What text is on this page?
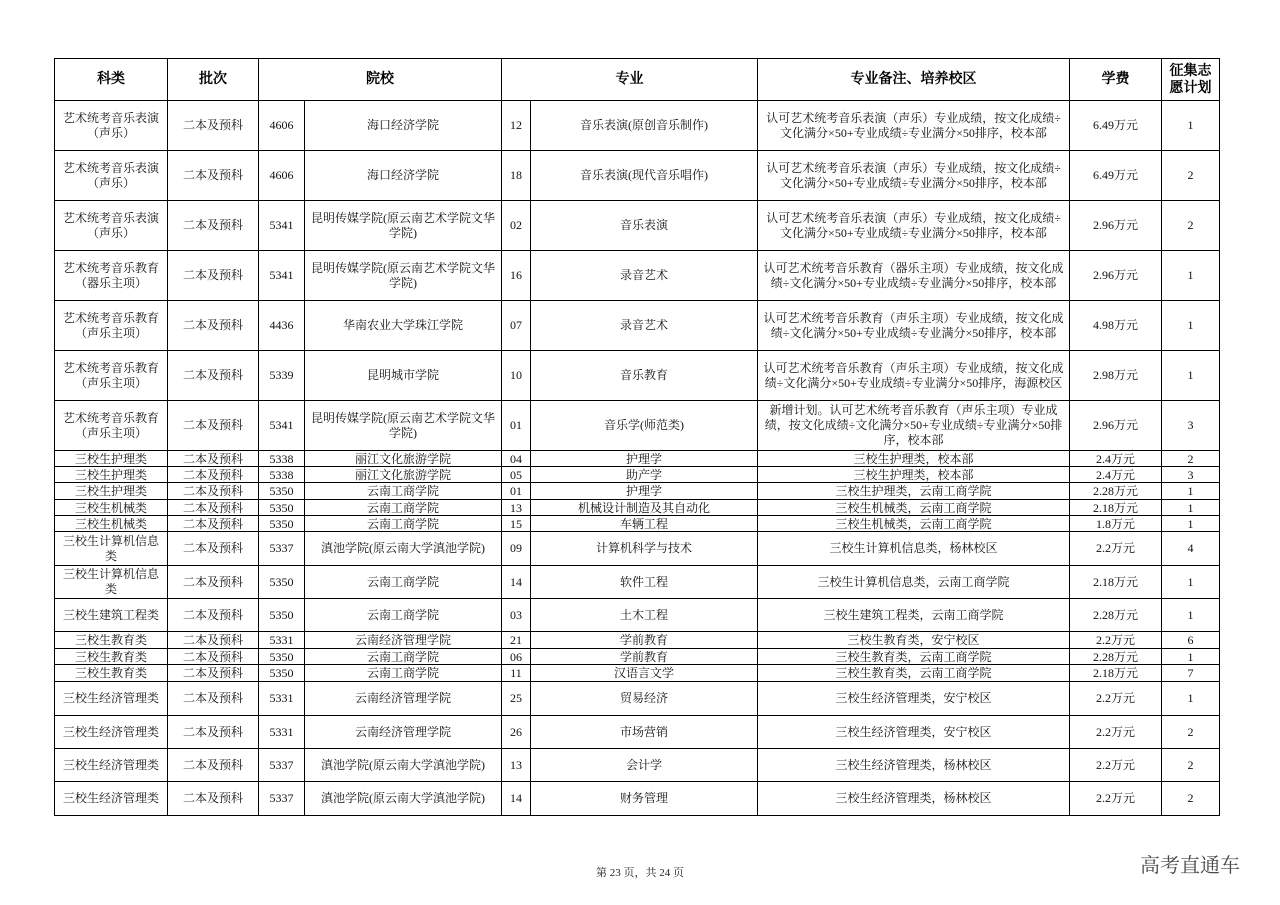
科类	批次	院校		专业		专业备注、培养校区	学费	征集志愿计划

艺术统考音乐表演（声乐）	二本及预科	4606	海口经济学院	12	音乐表演(原创音乐制作)	认可艺术统考音乐表演（声乐）专业成绩，按文化成绩÷文化满分×50+专业成绩÷专业满分×50排序，校本部	6.49万元	1

艺术统考音乐表演（声乐）	二本及预科	4606	海口经济学院	18	音乐表演(现代音乐唱作)	认可艺术统考音乐表演（声乐）专业成绩，按文化成绩÷文化满分×50+专业成绩÷专业满分×50排序，校本部	6.49万元	2

艺术统考音乐表演（声乐）	二本及预科	5341	昆明传媒学院(原云南艺术学院文华学院)	02	音乐表演	认可艺术统考音乐表演（声乐）专业成绩，按文化成绩÷文化满分×50+专业成绩÷专业满分×50排序，校本部	2.96万元	2

艺术统考音乐教育（器乐主项）	二本及预科	5341	昆明传媒学院(原云南艺术学院文华学院)	16	录音艺术	认可艺术统考音乐教育（器乐主项）专业成绩，按文化成绩÷文化满分×50+专业成绩÷专业满分×50排序，校本部	2.96万元	1

艺术统考音乐教育（声乐主项）	二本及预科	4436	华南农业大学珠江学院	07	录音艺术	认可艺术统考音乐教育（声乐主项）专业成绩，按文化成绩÷文化满分×50+专业成绩÷专业满分×50排序，校本部	4.98万元	1

艺术统考音乐教育（声乐主项）	二本及预科	5339	昆明城市学院	10	音乐教育	认可艺术统考音乐教育（声乐主项）专业成绩，按文化成绩÷文化满分×50+专业成绩÷专业满分×50排序，海源校区	2.98万元	1

艺术统考音乐教育（声乐主项）	二本及预科	5341	昆明传媒学院(原云南艺术学院文华学院)	01	音乐学(师范类)	新增计划。认可艺术统考音乐教育（声乐主项）专业成绩，按文化成绩÷文化满分×50+专业成绩÷专业满分×50排序，校本部	2.96万元	3

三校生护理类	二本及预科	5338	丽江文化旅游学院	04	护理学	三校生护理类，校本部	2.4万元	2

三校生护理类	二本及预科	5338	丽江文化旅游学院	05	助产学	三校生护理类，校本部	2.4万元	3

三校生护理类	二本及预科	5350	云南工商学院	01	护理学	三校生护理类，云南工商学院	2.28万元	1

三校生机械类	二本及预科	5350	云南工商学院	13	机械设计制造及其自动化	三校生机械类，云南工商学院	2.18万元	1

三校生机械类	二本及预科	5350	云南工商学院	15	车辆工程	三校生机械类，云南工商学院	1.8万元	1

三校生计算机信息类	二本及预科	5337	滇池学院(原云南大学滇池学院)	09	计算机科学与技术	三校生计算机信息类，杨林校区	2.2万元	4

三校生计算机信息类	二本及预科	5350	云南工商学院	14	软件工程	三校生计算机信息类，云南工商学院	2.18万元	1

三校生建筑工程类	二本及预科	5350	云南工商学院	03	土木工程	三校生建筑工程类，云南工商学院	2.28万元	1

三校生教育类	二本及预科	5331	云南经济管理学院	21	学前教育	三校生教育类，安宁校区	2.2万元	6

三校生教育类	二本及预科	5350	云南工商学院	06	学前教育	三校生教育类，云南工商学院	2.28万元	1

三校生教育类	二本及预科	5350	云南工商学院	11	汉语言文学	三校生教育类，云南工商学院	2.18万元	7

三校生经济管理类	二本及预科	5331	云南经济管理学院	25	贸易经济	三校生经济管理类，安宁校区	2.2万元	1

三校生经济管理类	二本及预科	5331	云南经济管理学院	26	市场营销	三校生经济管理类，安宁校区	2.2万元	2

三校生经济管理类	二本及预科	5337	滇池学院(原云南大学滇池学院)	13	会计学	三校生经济管理类，杨林校区	2.2万元	2

三校生经济管理类	二本及预科	5337	滇池学院(原云南大学滇池学院)	14	财务管理	三校生经济管理类，杨林校区	2.2万元	2
第 23 页，共 24 页	高考直通车
